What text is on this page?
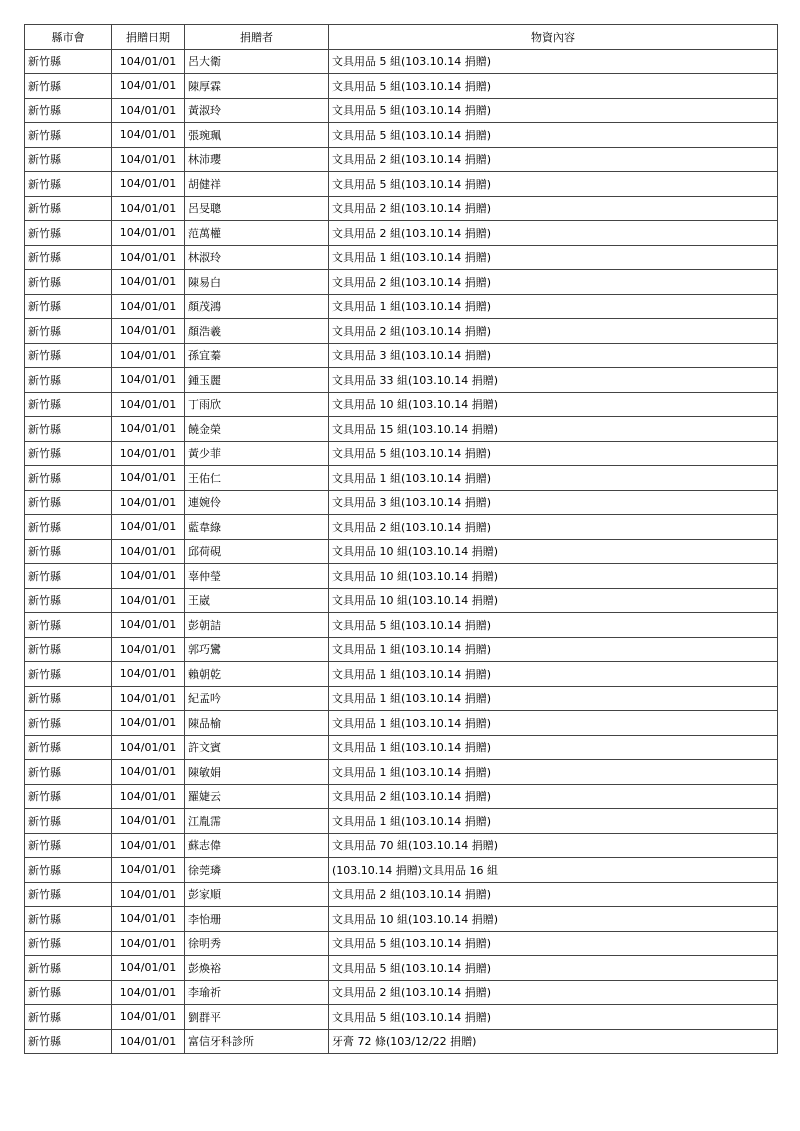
縣市會	捐贈日期	捐贈者	物資內容
新竹縣	104/01/01	呂大衛	文具用品 5 組(103.10.14 捐贈)
新竹縣	104/01/01	陳厚霖	文具用品 5 組(103.10.14 捐贈)
新竹縣	104/01/01	黃淑玲	文具用品 5 組(103.10.14 捐贈)
新竹縣	104/01/01	張琬珮	文具用品 5 組(103.10.14 捐贈)
新竹縣	104/01/01	林沛瓔	文具用品 2 組(103.10.14 捐贈)
新竹縣	104/01/01	胡健祥	文具用品 5 組(103.10.14 捐贈)
新竹縣	104/01/01	呂旻聰	文具用品 2 組(103.10.14 捐贈)
新竹縣	104/01/01	范萬權	文具用品 2 組(103.10.14 捐贈)
新竹縣	104/01/01	林淑玲	文具用品 1 組(103.10.14 捐贈)
新竹縣	104/01/01	陳易白	文具用品 2 組(103.10.14 捐贈)
新竹縣	104/01/01	顏茂鴻	文具用品 1 組(103.10.14 捐贈)
新竹縣	104/01/01	顏浩羲	文具用品 2 組(103.10.14 捐贈)
新竹縣	104/01/01	孫宜蓁	文具用品 3 組(103.10.14 捐贈)
新竹縣	104/01/01	鍾玉麗	文具用品 33 組(103.10.14 捐贈)
新竹縣	104/01/01	丁雨欣	文具用品 10 組(103.10.14 捐贈)
新竹縣	104/01/01	饒金榮	文具用品 15 組(103.10.14 捐贈)
新竹縣	104/01/01	黃少菲	文具用品 5 組(103.10.14 捐贈)
新竹縣	104/01/01	王佑仁	文具用品 1 組(103.10.14 捐贈)
新竹縣	104/01/01	連婉伶	文具用品 3 組(103.10.14 捐贈)
新竹縣	104/01/01	藍韋綠	文具用品 2 組(103.10.14 捐贈)
新竹縣	104/01/01	邱荷硯	文具用品 10 組(103.10.14 捐贈)
新竹縣	104/01/01	辜仲瑩	文具用品 10 組(103.10.14 捐贈)
新竹縣	104/01/01	王崴	文具用品 10 組(103.10.14 捐贈)
新竹縣	104/01/01	彭朝詰	文具用品 5 組(103.10.14 捐贈)
新竹縣	104/01/01	郭巧鸞	文具用品 1 組(103.10.14 捐贈)
新竹縣	104/01/01	賴朝乾	文具用品 1 組(103.10.14 捐贈)
新竹縣	104/01/01	紀孟吟	文具用品 1 組(103.10.14 捐贈)
新竹縣	104/01/01	陳品榆	文具用品 1 組(103.10.14 捐贈)
新竹縣	104/01/01	許文賓	文具用品 1 組(103.10.14 捐贈)
新竹縣	104/01/01	陳敏娟	文具用品 1 組(103.10.14 捐贈)
新竹縣	104/01/01	羅婕云	文具用品 2 組(103.10.14 捐贈)
新竹縣	104/01/01	江胤霈	文具用品 1 組(103.10.14 捐贈)
新竹縣	104/01/01	蘇志偉	文具用品 70 組(103.10.14 捐贈)
新竹縣	104/01/01	徐莞璘	(103.10.14 捐贈)文具用品 16 組
新竹縣	104/01/01	彭家順	文具用品 2 組(103.10.14 捐贈)
新竹縣	104/01/01	李怡珊	文具用品 10 組(103.10.14 捐贈)
新竹縣	104/01/01	徐明秀	文具用品 5 組(103.10.14 捐贈)
新竹縣	104/01/01	彭煥裕	文具用品 5 組(103.10.14 捐贈)
新竹縣	104/01/01	李瑜祈	文具用品 2 組(103.10.14 捐贈)
新竹縣	104/01/01	劉群平	文具用品 5 組(103.10.14 捐贈)
新竹縣	104/01/01	富信牙科診所	牙膏 72 條(103/12/22 捐贈)
